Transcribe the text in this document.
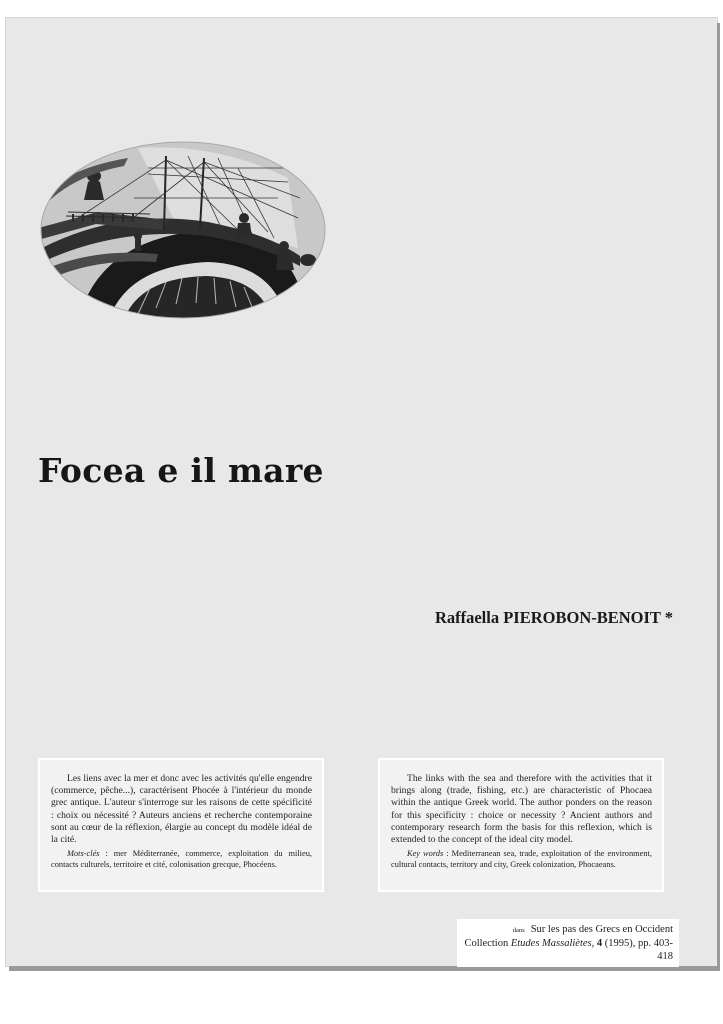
Focea e il mare
Raffaella PIEROBON-BENOIT *

Les liens avec la mer et donc avec les activités qu'elle engendre (commerce, pêche...), caractérisent Phocée à l'intérieur du monde grec antique. L'auteur s'interroge sur les raisons de cette spécificité : choix ou nécessité ? Auteurs anciens et recherche contemporaine sont au cœur de la réflexion, élargie au concept du modèle idéal de la cité.

Mots-clés : mer Méditerranée, commerce, exploitation du milieu, contacts culturels, territoire et cité, colonisation grecque, Phocéens.

The links with the sea and therefore with the activities that it brings along (trade, fishing, etc.) are characteristic of Phocaea within the antique Greek world. The author ponders on the reason for this specificity : choice or necessity ? Ancient authors and contemporary research form the basis for this reflexion, which is extended to the concept of the ideal city model.

Key words : Mediterranean sea, trade, exploitation of the environment, cultural contacts, territory and city, Greek colonization, Phocaeans.

dans Sur les pas des Grecs en Occident
Collection Etudes Massaliètes, 4 (1995), pp. 403-418
